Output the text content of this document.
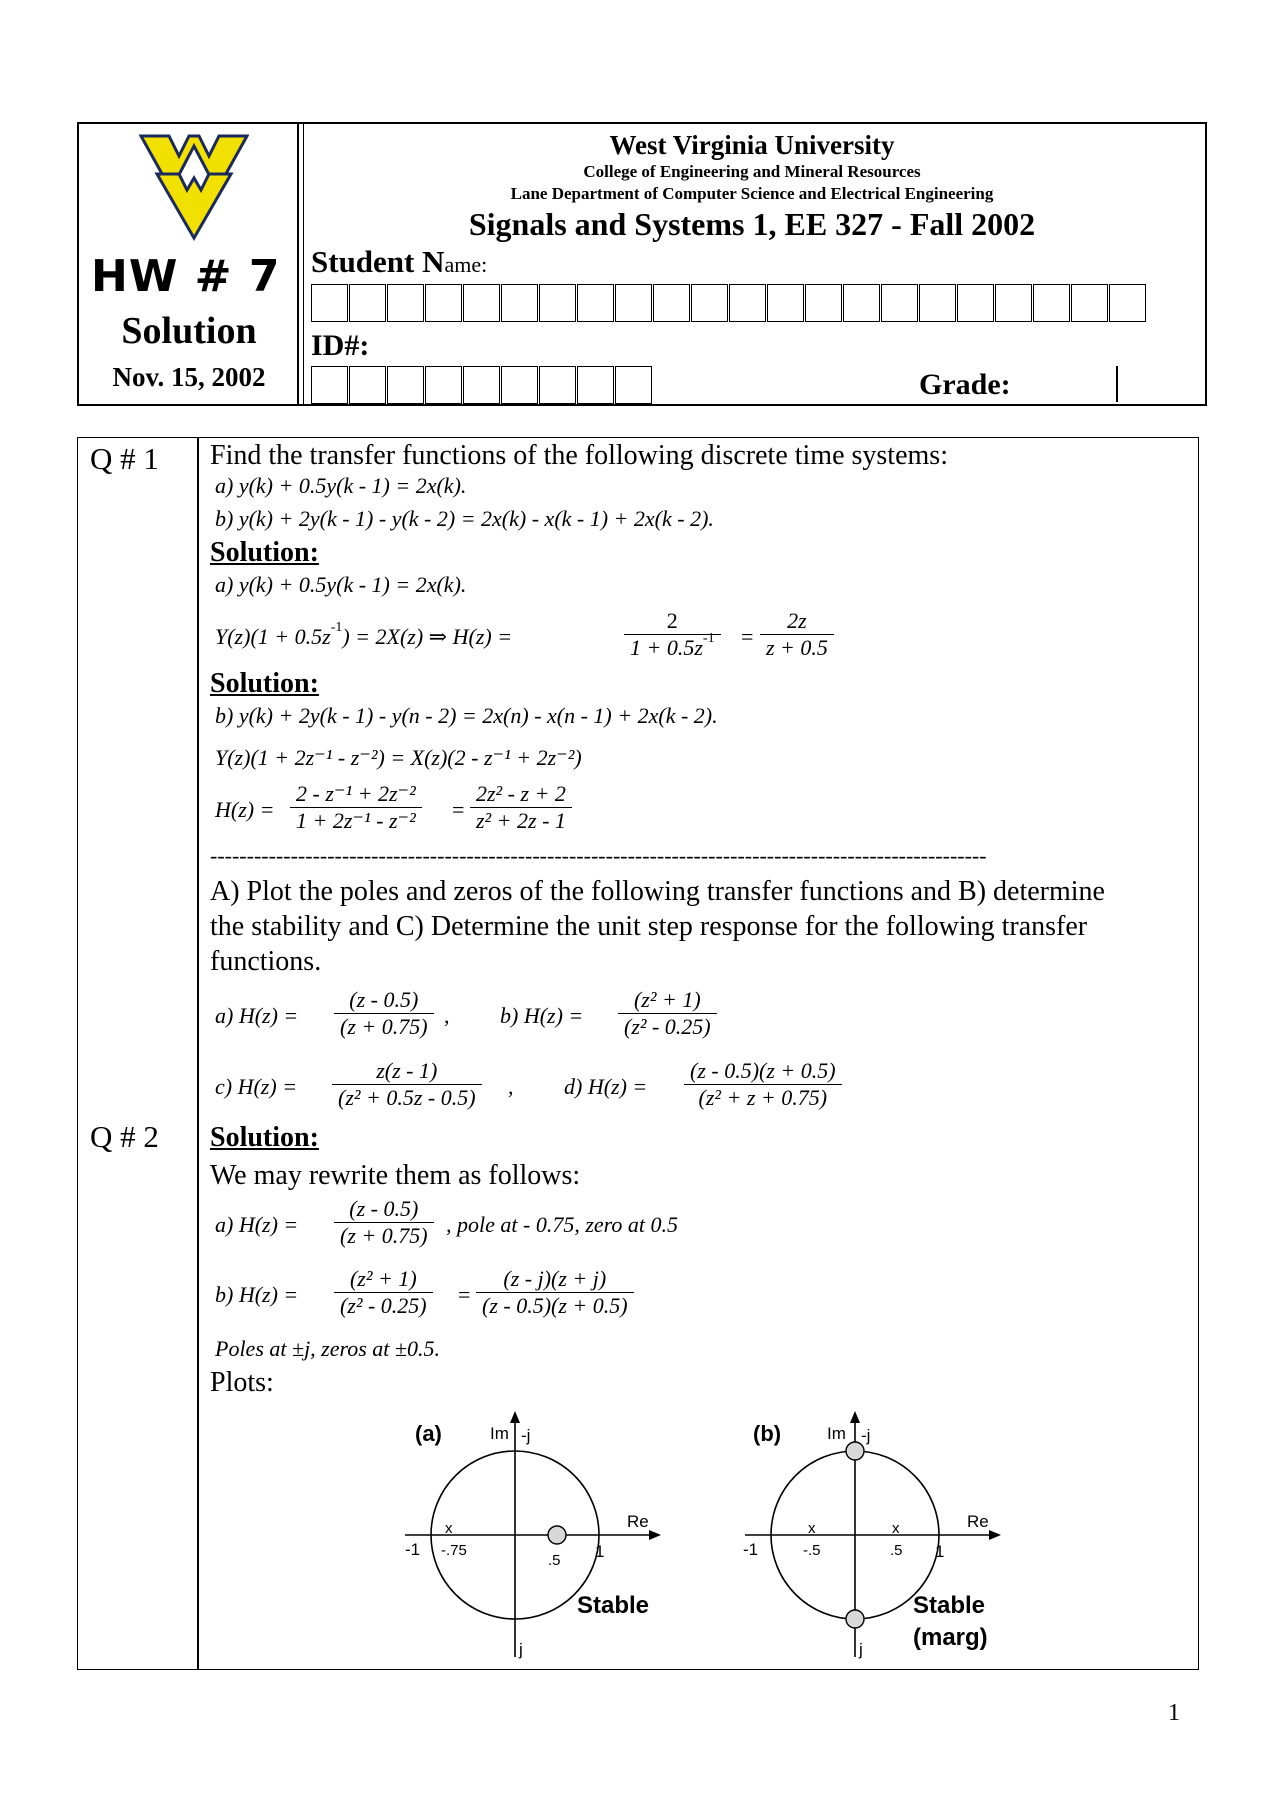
HW # 7
Solution
Nov. 15, 2002
West Virginia University
College of Engineering and Mineral Resources
Lane Department of Computer Science and Electrical Engineering
Signals and Systems 1, EE 327 - Fall 2002
Student Name:
ID#:
Grade:
Q # 1 Find the transfer functions of the following discrete time systems:
a) y(k) + 0.5y(k - 1) = 2x(k).
b) y(k) + 2y(k - 1) - y(k - 2) = 2x(k) - x(k - 1) + 2x(k - 2).
Solution:
a) y(k) + 0.5y(k - 1) = 2x(k).
$Y(z)(1 + 0.5z^{-1}) = 2X(z)$ ⇒ H(z) =	$\frac{2}{1 + 0.5z^{-1}} = \frac{2z}{z + 0.5}$
Solution:
b) y(k) + 2y(k - 1) - y(n - 2) = 2x(n) - x(n - 1) + 2x(k - 2).
Y(z)(1 + 2z⁻¹ - z⁻²) = X(z)(2 - z⁻¹ + 2z⁻²)
$H(z) = \frac{\text{2 - z⁻¹ + 2z⁻²}}{\text{1 + 2z⁻¹ - z⁻²}} = \frac{\text{2z² - z + 2}}{\text{z² + 2z - 1}}$
----------------------------------------------------------------------------------------------------------
Q # 2
A) Plot the poles and zeros of the following transfer functions and B) determine
the stability and C) Determine the unit step response for the following transfer
functions.
a) $H(z) = \frac{(z - 0.5)}{(z + 0.75)}$ , b) $H(z) = \frac{\text{(z² + 1)}}{\text{(z² - 0.25)}}$
c) $H(z) = \frac{z(z - 1)}{\text{(z² + 0.5z - 0.5)}}$ , d) $H(z) = \frac{(z - 0.5)(z + 0.5)}{\text{(z² + z + 0.75)}}$
Solution:
We may rewrite them as follows:
a) $H(z) = \frac{(z - 0.5)}{(z + 0.75)}$ , pole at - 0.75, zero at 0.5
b) $H(z) = \frac{\text{(z² + 1)}}{\text{(z² - 0.25)}} = \frac{(z - j)(z + j)}{(z - 0.5)(z + 0.5)}$
Poles at ±j, zeros at ±0.5.
Plots:
(a)	Im -j
j
Re
-1
x
-.75
.5 1
Stable
(b)	Im -j
j
Re
-1
x
-.5
x
.5 1
Stable
(marg)
1
